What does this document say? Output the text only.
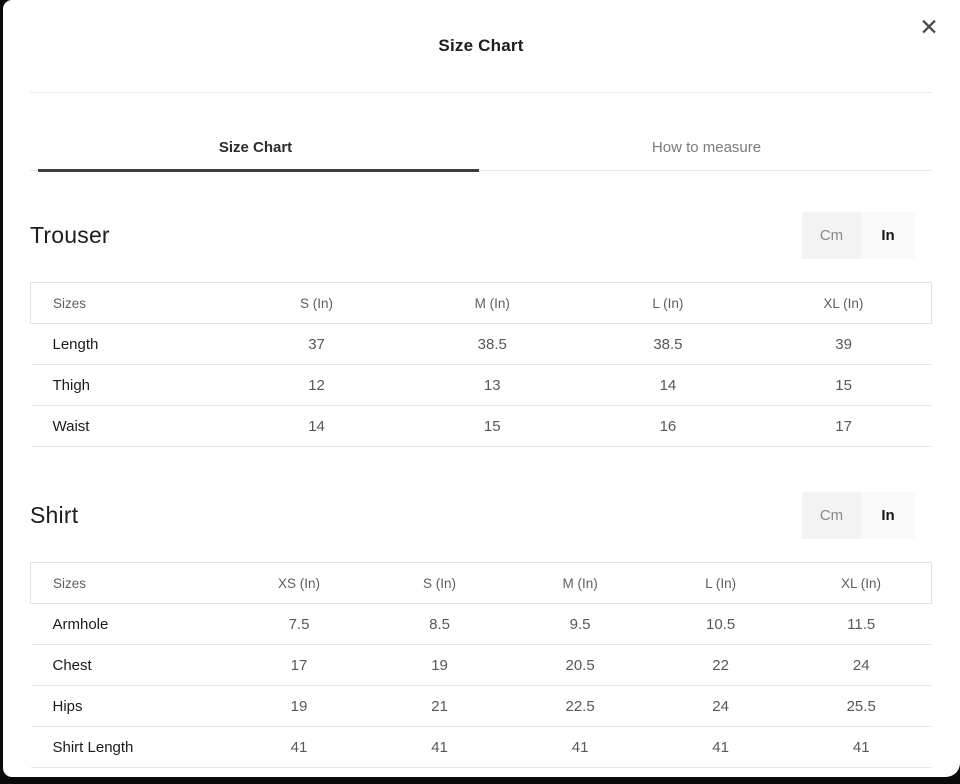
✕
Size Chart
Size Chart	How to measure
Trouser	Cm	In
Sizes	S (In)	M (In)	L (In)	XL (In)
Length	37	38.5	38.5	39
Thigh	12	13	14	15
Waist	14	15	16	17
Shirt	Cm	In
Sizes	XS (In)	S (In)	M (In)	L (In)	XL (In)
Armhole	7.5	8.5	9.5	10.5	11.5
Chest	17	19	20.5	22	24
Hips	19	21	22.5	24	25.5
Shirt Length	41	41	41	41	41
